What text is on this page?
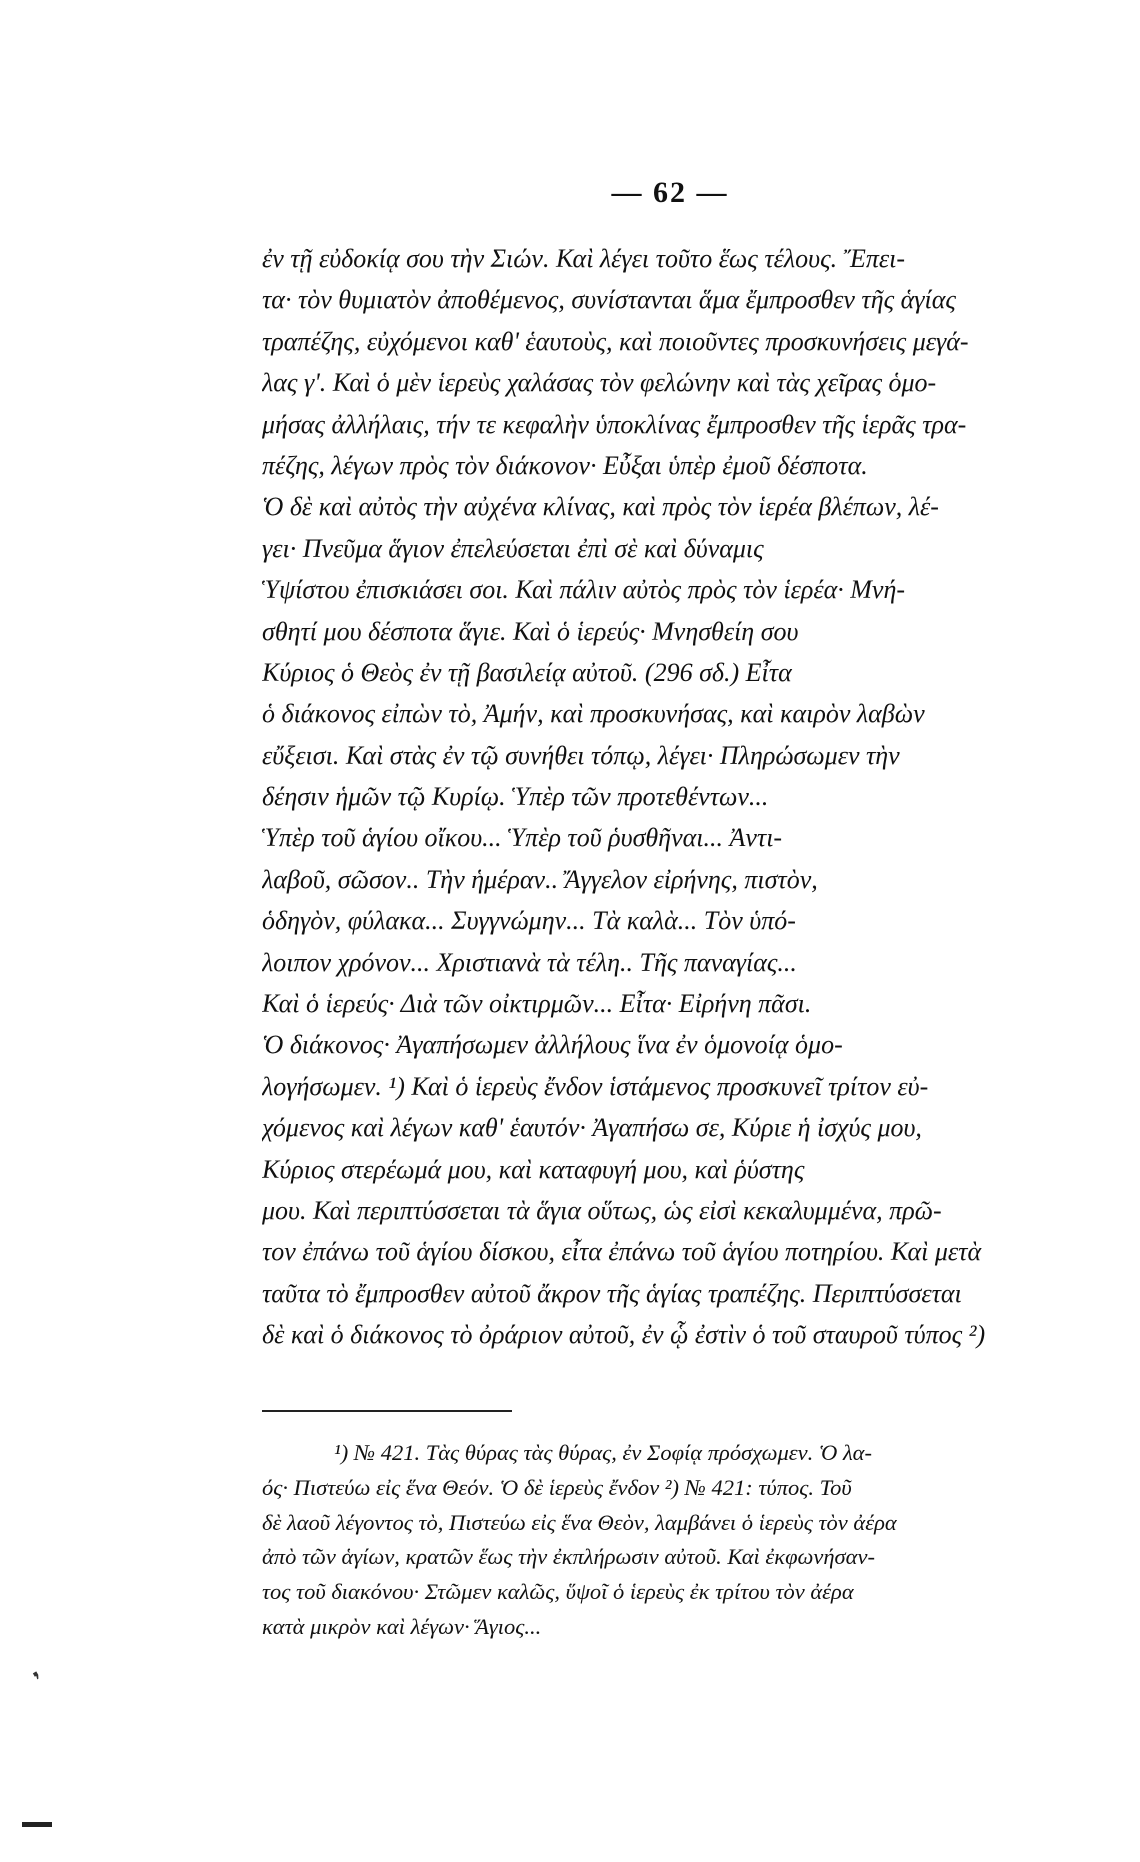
— 62 —
ἐν τῇ εὐδοκίᾳ σου τὴν Σιών. Καὶ λέγει τοῦτο ἕως τέλους. Ἔπει-
τα· τὸν θυμιατὸν ἀποθέμενος, συνίστανται ἅμα ἔμπροσθεν τῆς ἁγίας
τραπέζης, εὐχόμενοι καθ' ἑαυτοὺς, καὶ ποιοῦντες προσκυνήσεις μεγά-
λας γ'. Καὶ ὁ μὲν ἱερεὺς χαλάσας τὸν φελώνην καὶ τὰς χεῖρας ὁμο-
μήσας ἀλλήλαις, τήν τε κεφαλὴν ὑποκλίνας ἔμπροσθεν τῆς ἱερᾶς τρα-
πέζης, λέγων πρὸς τὸν διάκονον· Εὖξαι ὑπὲρ ἐμοῦ δέσποτα.
Ὁ δὲ καὶ αὐτὸς τὴν αὐχένα κλίνας, καὶ πρὸς τὸν ἱερέα βλέπων, λέ-
γει· Πνεῦμα ἅγιον ἐπελεύσεται ἐπὶ σὲ καὶ δύναμις
Ὑψίστου ἐπισκιάσει σοι. Καὶ πάλιν αὐτὸς πρὸς τὸν ἱερέα· Μνή-
σθητί μου δέσποτα ἅγιε. Καὶ ὁ ἱερεύς· Μνησθείη σου
Κύριος ὁ Θεὸς ἐν τῇ βασιλείᾳ αὐτοῦ. (296 σδ.) Εἶτα
ὁ διάκονος εἰπὼν τὸ, Ἀμήν, καὶ προσκυνήσας, καὶ καιρὸν λαβὼν
εὔξεισι. Καὶ στὰς ἐν τῷ συνήθει τόπῳ, λέγει· Πληρώσωμεν τὴν
δέησιν ἡμῶν τῷ Κυρίῳ. Ὑπὲρ τῶν προτεθέντων...
Ὑπὲρ τοῦ ἁγίου οἴκου... Ὑπὲρ τοῦ ῥυσθῆναι... Ἀντι-
λαβοῦ, σῶσον.. Τὴν ἡμέραν.. Ἄγγελον εἰρήνης, πιστὸν,
ὁδηγὸν, φύλακα... Συγγνώμην... Τὰ καλὰ... Τὸν ὑπό-
λοιπον χρόνον... Χριστιανὰ τὰ τέλη.. Τῆς παναγίας...
Καὶ ὁ ἱερεύς· Διὰ τῶν οἰκτιρμῶν... Εἶτα· Εἰρήνη πᾶσι.
Ὁ διάκονος· Ἀγαπήσωμεν ἀλλήλους ἵνα ἐν ὁμονοίᾳ ὁμο-
λογήσωμεν. ¹) Καὶ ὁ ἱερεὺς ἔνδον ἱστάμενος προσκυνεῖ τρίτον εὐ-
χόμενος καὶ λέγων καθ' ἑαυτόν· Ἀγαπήσω σε, Κύριε ἡ ἰσχύς μου,
Κύριος στερέωμά μου, καὶ καταφυγή μου, καὶ ῥύστης
μου. Καὶ περιπτύσσεται τὰ ἅγια οὕτως, ὡς εἰσὶ κεκαλυμμένα, πρῶ-
τον ἐπάνω τοῦ ἁγίου δίσκου, εἶτα ἐπάνω τοῦ ἁγίου ποτηρίου. Καὶ μετὰ
ταῦτα τὸ ἔμπροσθεν αὐτοῦ ἄκρον τῆς ἁγίας τραπέζης. Περιπτύσσεται
δὲ καὶ ὁ διάκονος τὸ ὀράριον αὐτοῦ, ἐν ᾧ ἐστὶν ὁ τοῦ σταυροῦ τύπος ²)
¹) № 421. Τὰς θύρας τὰς θύρας, ἐν Σοφίᾳ πρόσχωμεν. Ὁ λα-
ός· Πιστεύω εἰς ἕνα Θεόν. Ὁ δὲ ἱερεὺς ἔνδον ²) № 421: τύπος. Τοῦ
δὲ λαοῦ λέγοντος τὸ, Πιστεύω εἰς ἕνα Θεὸν, λαμβάνει ὁ ἱερεὺς τὸν ἀέρα
ἀπὸ τῶν ἁγίων, κρατῶν ἕως τὴν ἐκπλήρωσιν αὐτοῦ. Καὶ ἐκφωνήσαν-
τος τοῦ διακόνου· Στῶμεν καλῶς, ὕψοῖ ὁ ἱερεὺς ἐκ τρίτου τὸν ἀέρα
κατὰ μικρὸν καὶ λέγων· Ἅγιος...
❜
